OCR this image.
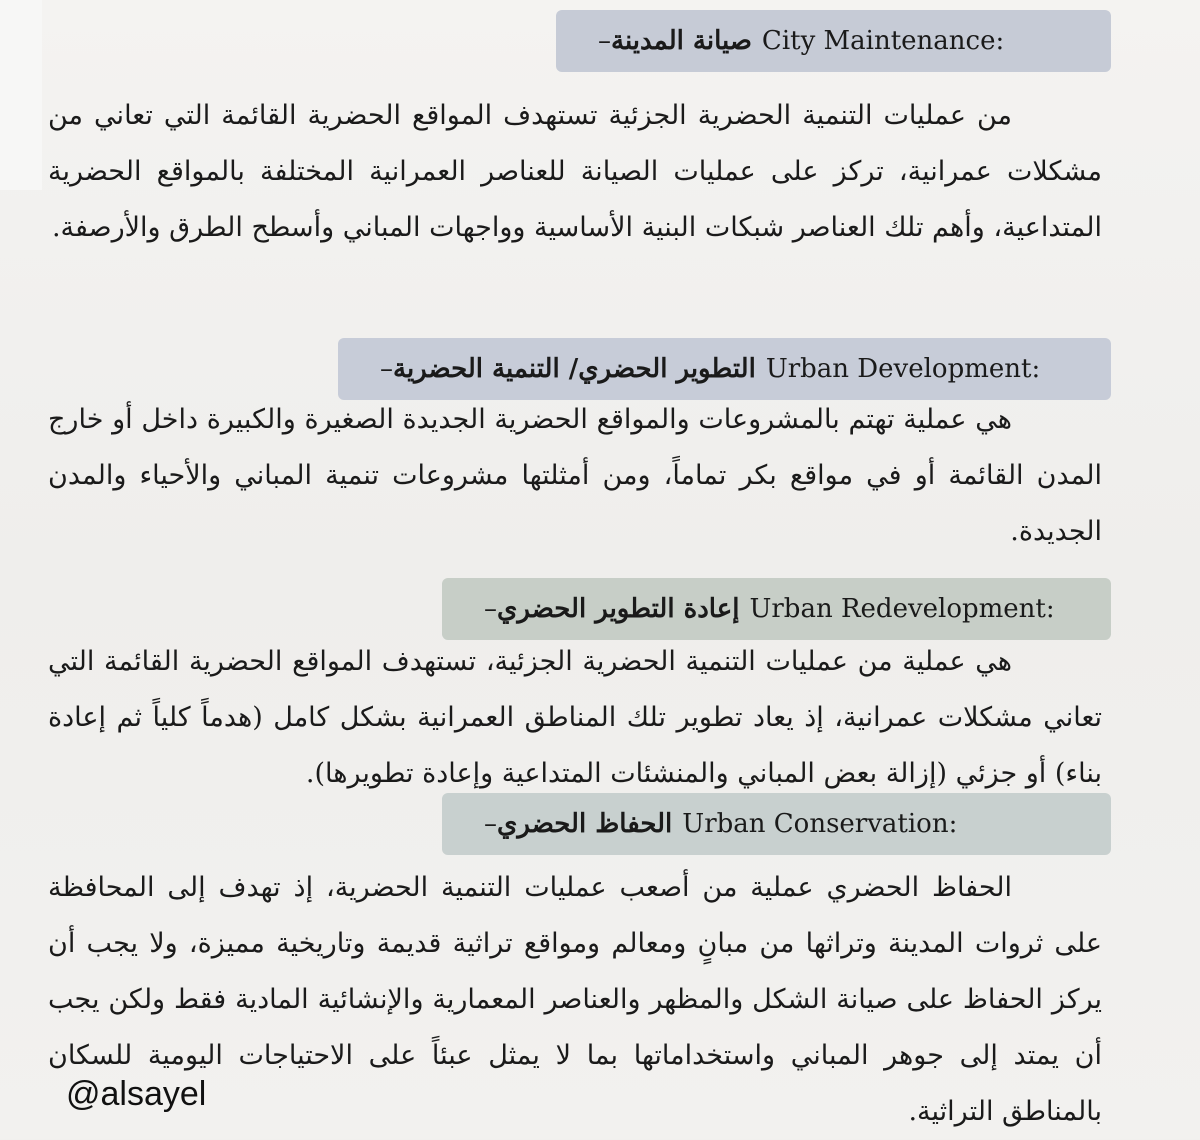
– صيانة المدينة City Maintenance:
من عمليات التنمية الحضرية الجزئية تستهدف المواقع الحضرية القائمة التي تعاني من مشكلات عمرانية، تركز على عمليات الصيانة للعناصر العمرانية المختلفة بالمواقع الحضرية المتداعية، وأهم تلك العناصر شبكات البنية الأساسية وواجهات المباني وأسطح الطرق والأرصفة.
– التطوير الحضري/ التنمية الحضرية Urban Development:
هي عملية تهتم بالمشروعات والمواقع الحضرية الجديدة الصغيرة والكبيرة داخل أو خارج المدن القائمة أو في مواقع بكر تماماً، ومن أمثلتها مشروعات تنمية المباني والأحياء والمدن الجديدة.
– إعادة التطوير الحضري Urban Redevelopment:
هي عملية من عمليات التنمية الحضرية الجزئية، تستهدف المواقع الحضرية القائمة التي تعاني مشكلات عمرانية، إذ يعاد تطوير تلك المناطق العمرانية بشكل كامل (هدماً كلياً ثم إعادة بناء) أو جزئي (إزالة بعض المباني والمنشئات المتداعية وإعادة تطويرها).
– الحفاظ الحضري Urban Conservation:
الحفاظ الحضري عملية من أصعب عمليات التنمية الحضرية، إذ تهدف إلى المحافظة على ثروات المدينة وتراثها من مبانٍ ومعالم ومواقع تراثية قديمة وتاريخية مميزة، ولا يجب أن يركز الحفاظ على صيانة الشكل والمظهر والعناصر المعمارية والإنشائية المادية فقط ولكن يجب أن يمتد إلى جوهر المباني واستخداماتها بما لا يمثل عبئاً على الاحتياجات اليومية للسكان بالمناطق التراثية.
@alsayel
